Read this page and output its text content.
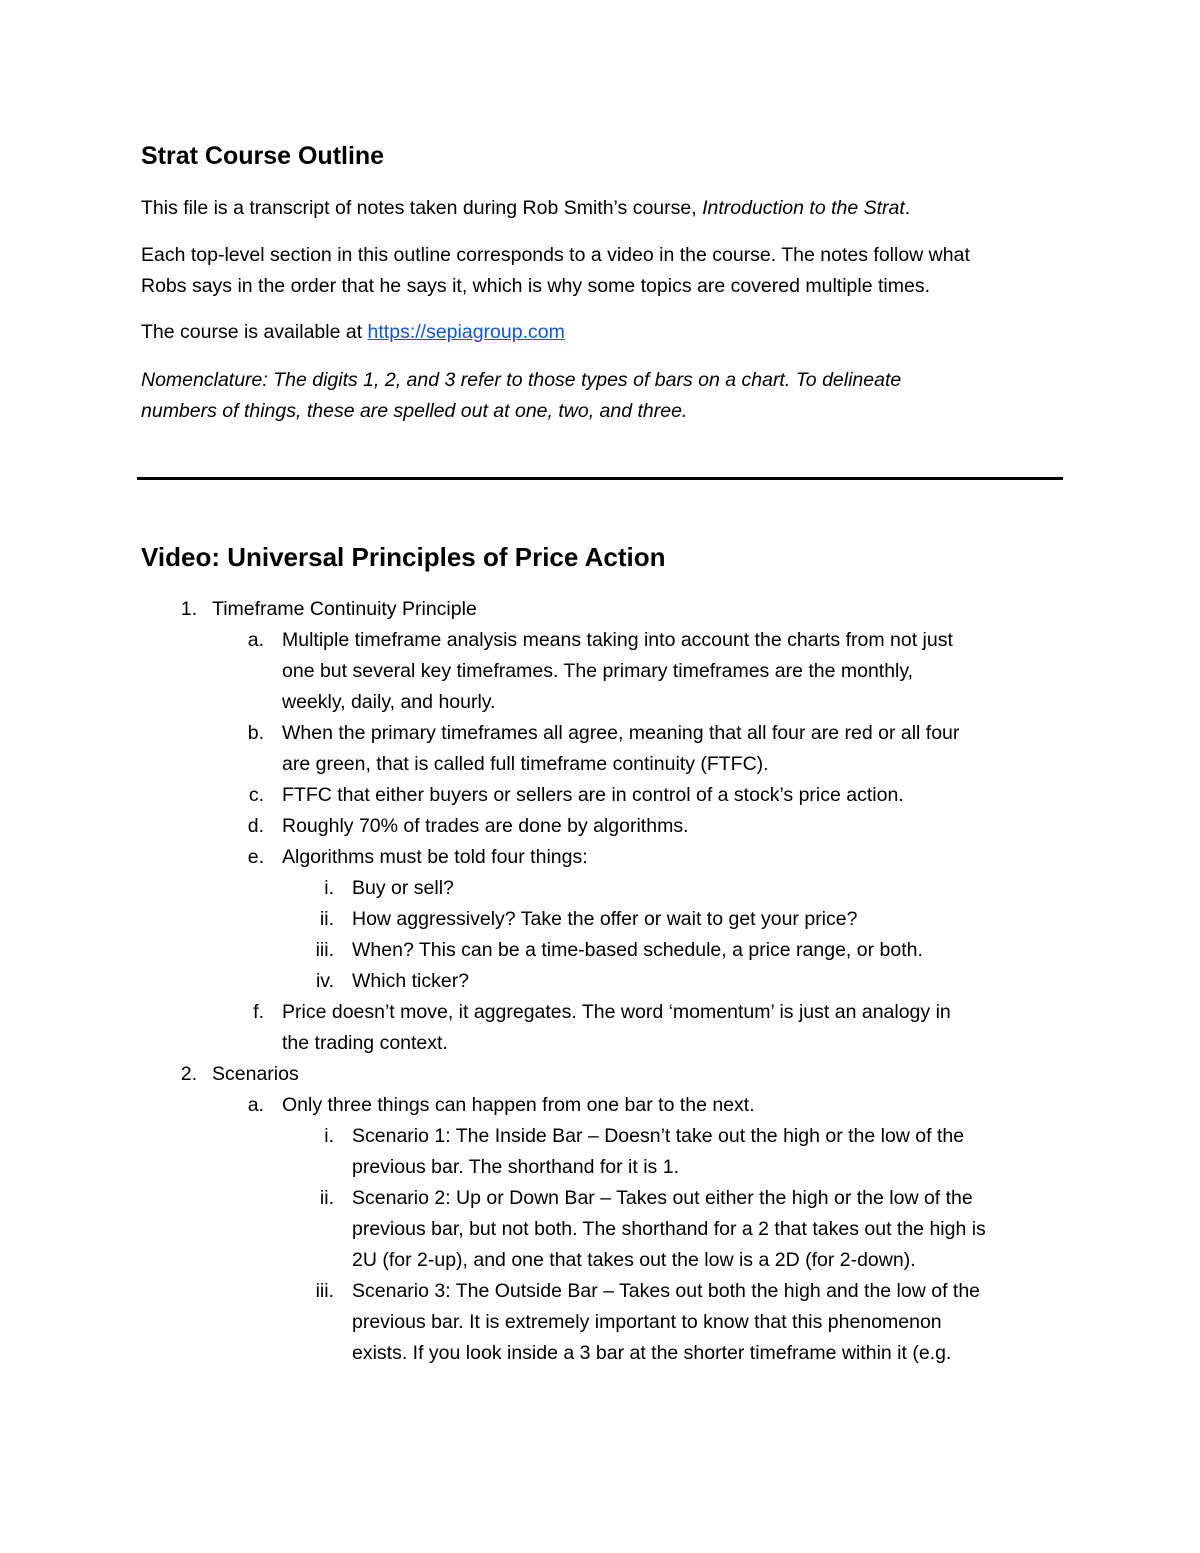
Strat Course Outline

This file is a transcript of notes taken during Rob Smith’s course, Introduction to the Strat.

Each top-level section in this outline corresponds to a video in the course. The notes follow what
Robs says in the order that he says it, which is why some topics are covered multiple times.

The course is available at https://sepiagroup.com

Nomenclature: The digits 1, 2, and 3 refer to those types of bars on a chart. To delineate
numbers of things, these are spelled out at one, two, and three.

Video: Universal Principles of Price Action
1. Timeframe Continuity Principle
a. Multiple timeframe analysis means taking into account the charts from not just
one but several key timeframes. The primary timeframes are the monthly,
weekly, daily, and hourly.
b. When the primary timeframes all agree, meaning that all four are red or all four
are green, that is called full timeframe continuity (FTFC).
c. FTFC that either buyers or sellers are in control of a stock’s price action.
d. Roughly 70% of trades are done by algorithms.
e. Algorithms must be told four things:
i. Buy or sell?
ii. How aggressively? Take the offer or wait to get your price?
iii. When? This can be a time-based schedule, a price range, or both.
iv. Which ticker?
f. Price doesn’t move, it aggregates. The word ‘momentum’ is just an analogy in
the trading context.
2. Scenarios
a. Only three things can happen from one bar to the next.
i. Scenario 1: The Inside Bar – Doesn’t take out the high or the low of the
previous bar. The shorthand for it is 1.
ii. Scenario 2: Up or Down Bar – Takes out either the high or the low of the
previous bar, but not both. The shorthand for a 2 that takes out the high is
2U (for 2-up), and one that takes out the low is a 2D (for 2-down).
iii. Scenario 3: The Outside Bar – Takes out both the high and the low of the
previous bar. It is extremely important to know that this phenomenon
exists. If you look inside a 3 bar at the shorter timeframe within it (e.g.
